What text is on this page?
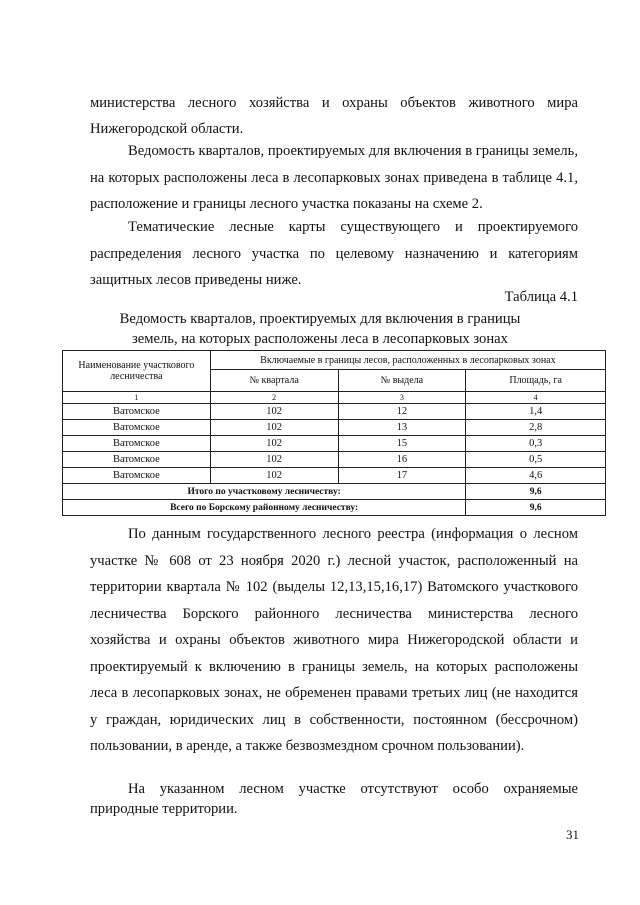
министерства лесного хозяйства и охраны объектов животного мира
Нижегородской области.

Ведомость кварталов, проектируемых для включения в границы земель, на которых расположены леса в лесопарковых зонах приведена в таблице 4.1, расположение и границы лесного участка показаны на схеме 2.

Тематические лесные карты существующего и проектируемого распределения лесного участка по целевому назначению и категориям защитных лесов приведены ниже.

Таблица 4.1
Ведомость кварталов, проектируемых для включения в границы
земель, на которых расположены леса в лесопарковых зонах
Наименование участкового лесничества	Включаемые в границы лесов, расположенных в лесопарковых зонах		
	№ квартала	№ выдела	Площадь, га
1	2	3	4
Ватомское	102	12	1,4
Ватомское	102	13	2,8
Ватомское	102	15	0,3
Ватомское	102	16	0,5
Ватомское	102	17	4,6
Итого по участковому лесничеству:			9,6
Всего по Борскому районному лесничеству:			9,6

По данным государственного лесного реестра (информация о лесном участке № 608 от 23 ноября 2020 г.) лесной участок, расположенный на территории квартала № 102 (выделы 12,13,15,16,17) Ватомского участкового лесничества Борского районного лесничества министерства лесного хозяйства и охраны объектов животного мира Нижегородской области и проектируемый к включению в границы земель, на которых расположены леса в лесопарковых зонах, не обременен правами третьих лиц (не находится у граждан, юридических лиц в собственности, постоянном (бессрочном) пользовании, в аренде, а также безвозмездном срочном пользовании).

На указанном лесном участке отсутствуют особо охраняемые
природные территории.
31
